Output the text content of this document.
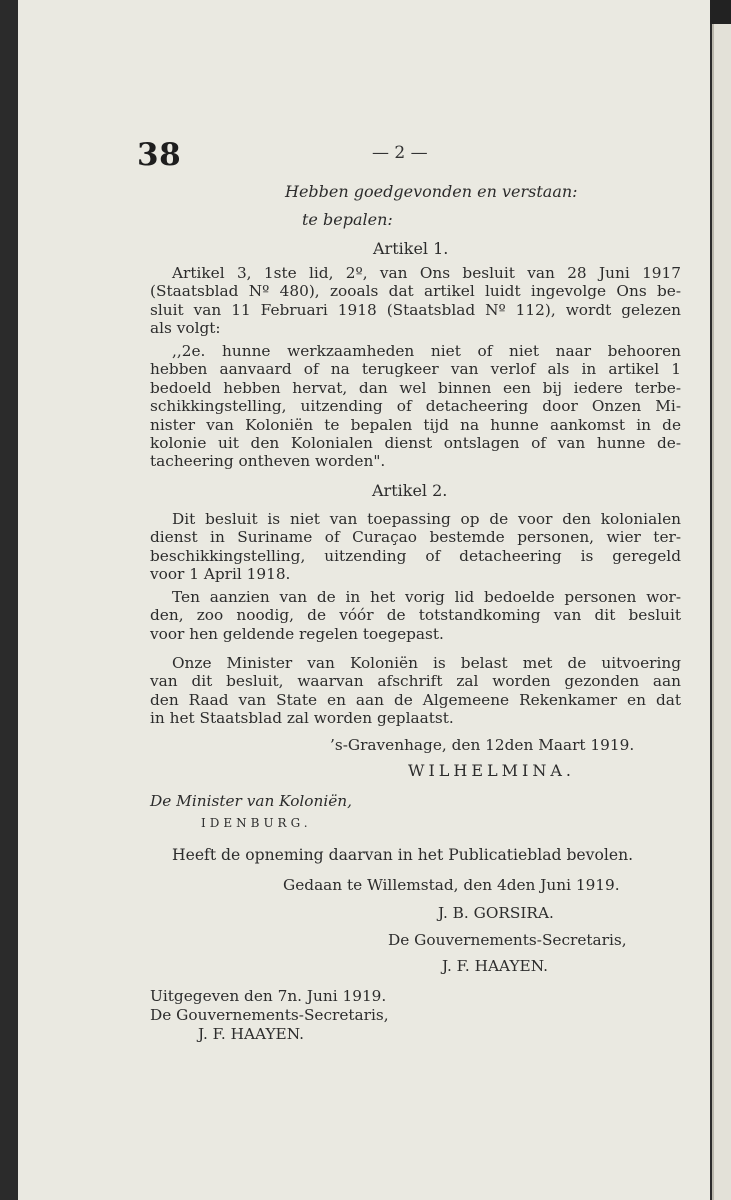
38	— 2 —
Hebben goedgevonden en verstaan:
te bepalen:
Artikel 1.
Artikel 3, 1ste lid, 2º, van Ons besluit van 28 Juni 1917
(Staatsblad Nº 480), zooals dat artikel luidt ingevolge Ons be-
sluit van 11 Februari 1918 (Staatsblad Nº 112), wordt gelezen
als volgt:
,,2e. hunne werkzaamheden niet of niet naar behooren
hebben aanvaard of na terugkeer van verlof als in artikel 1
bedoeld hebben hervat, dan wel binnen een bij iedere terbe-
schikkingstelling, uitzending of detacheering door Onzen Mi-
nister van Koloniën te bepalen tijd na hunne aankomst in de
kolonie uit den Kolonialen dienst ontslagen of van hunne de-
tacheering ontheven worden".
Artikel 2.
Dit besluit is niet van toepassing op de voor den kolonialen
dienst in Suriname of Curaçao bestemde personen, wier ter-
beschikkingstelling, uitzending of detacheering is geregeld
voor 1 April 1918.
Ten aanzien van de in het vorig lid bedoelde personen wor-
den, zoo noodig, de vóór de totstandkoming van dit besluit
voor hen geldende regelen toegepast.
Onze Minister van Koloniën is belast met de uitvoering
van dit besluit, waarvan afschrift zal worden gezonden aan
den Raad van State en aan de Algemeene Rekenkamer en dat
in het Staatsblad zal worden geplaatst.
’s-Gravenhage, den 12den Maart 1919.
WILHELMINA.
De Minister van Koloniën,
IDENBURG.
Heeft de opneming daarvan in het Publicatieblad bevolen.
Gedaan te Willemstad, den 4den Juni 1919.
J. B. GORSIRA.
De Gouvernements-Secretaris,
J. F. HAAYEN.
Uitgegeven den 7n. Juni 1919.
De Gouvernements-Secretaris,
J. F. HAAYEN.
